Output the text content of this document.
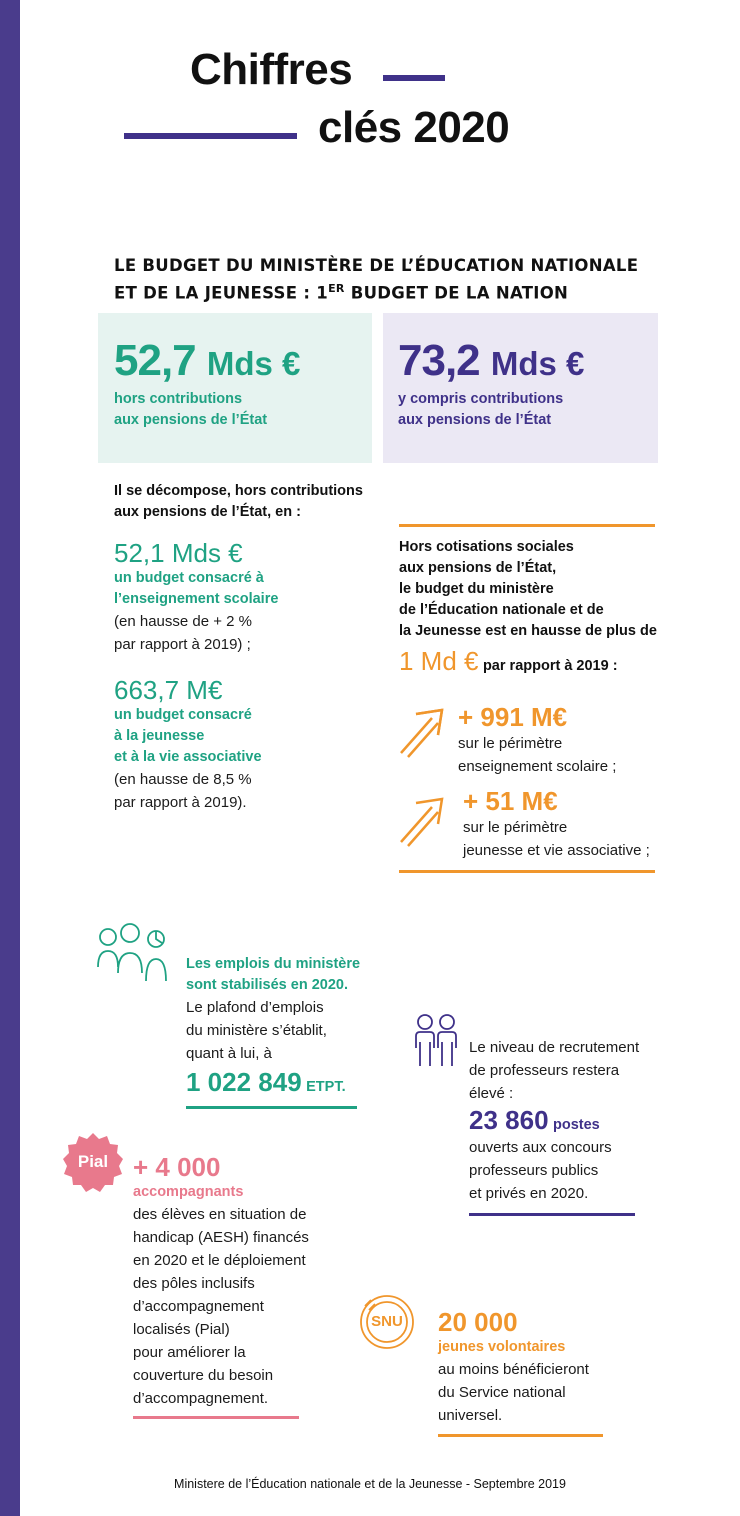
Chiffres
clés 2020
LE BUDGET DU MINISTÈRE DE L’ÉDUCATION NATIONALE
ET DE LA JEUNESSE : 1ER BUDGET DE LA NATION
52,7 Mds €
hors contributions
aux pensions de l’État
73,2 Mds €
y compris contributions
aux pensions de l’État
Il se décompose, hors contributions
aux pensions de l’État, en :
52,1 Mds €
un budget consacré à
l’enseignement scolaire
(en hausse de + 2 %
par rapport à 2019) ;
663,7 M€
un budget consacré
à la jeunesse
et à la vie associative
(en hausse de 8,5 %
par rapport à 2019).
Hors cotisations sociales
aux pensions de l’État,
le budget du ministère
de l’Éducation nationale et de
la Jeunesse est en hausse de plus de
1 Md € par rapport à 2019 :
+ 991 M€
sur le périmètre
enseignement scolaire ;
+ 51 M€
sur le périmètre
jeunesse et vie associative ;
Les emplois du ministère
sont stabilisés en 2020.
Le plafond d’emplois
du ministère s’établit,
quant à lui, à
1 022 849 ETPT.
Le niveau de recrutement
de professeurs restera
élevé :
23 860 postes
ouverts aux concours
professeurs publics
et privés en 2020.
Pial + 4 000
accompagnants
des élèves en situation de
handicap (AESH) financés
en 2020 et le déploiement
des pôles inclusifs
d’accompagnement
localisés (Pial)
pour améliorer la
couverture du besoin
d’accompagnement.
SNU	20 000
jeunes volontaires
au moins bénéficieront
du Service national
universel.
Ministere de l’Éducation nationale et de la Jeunesse - Septembre 2019
